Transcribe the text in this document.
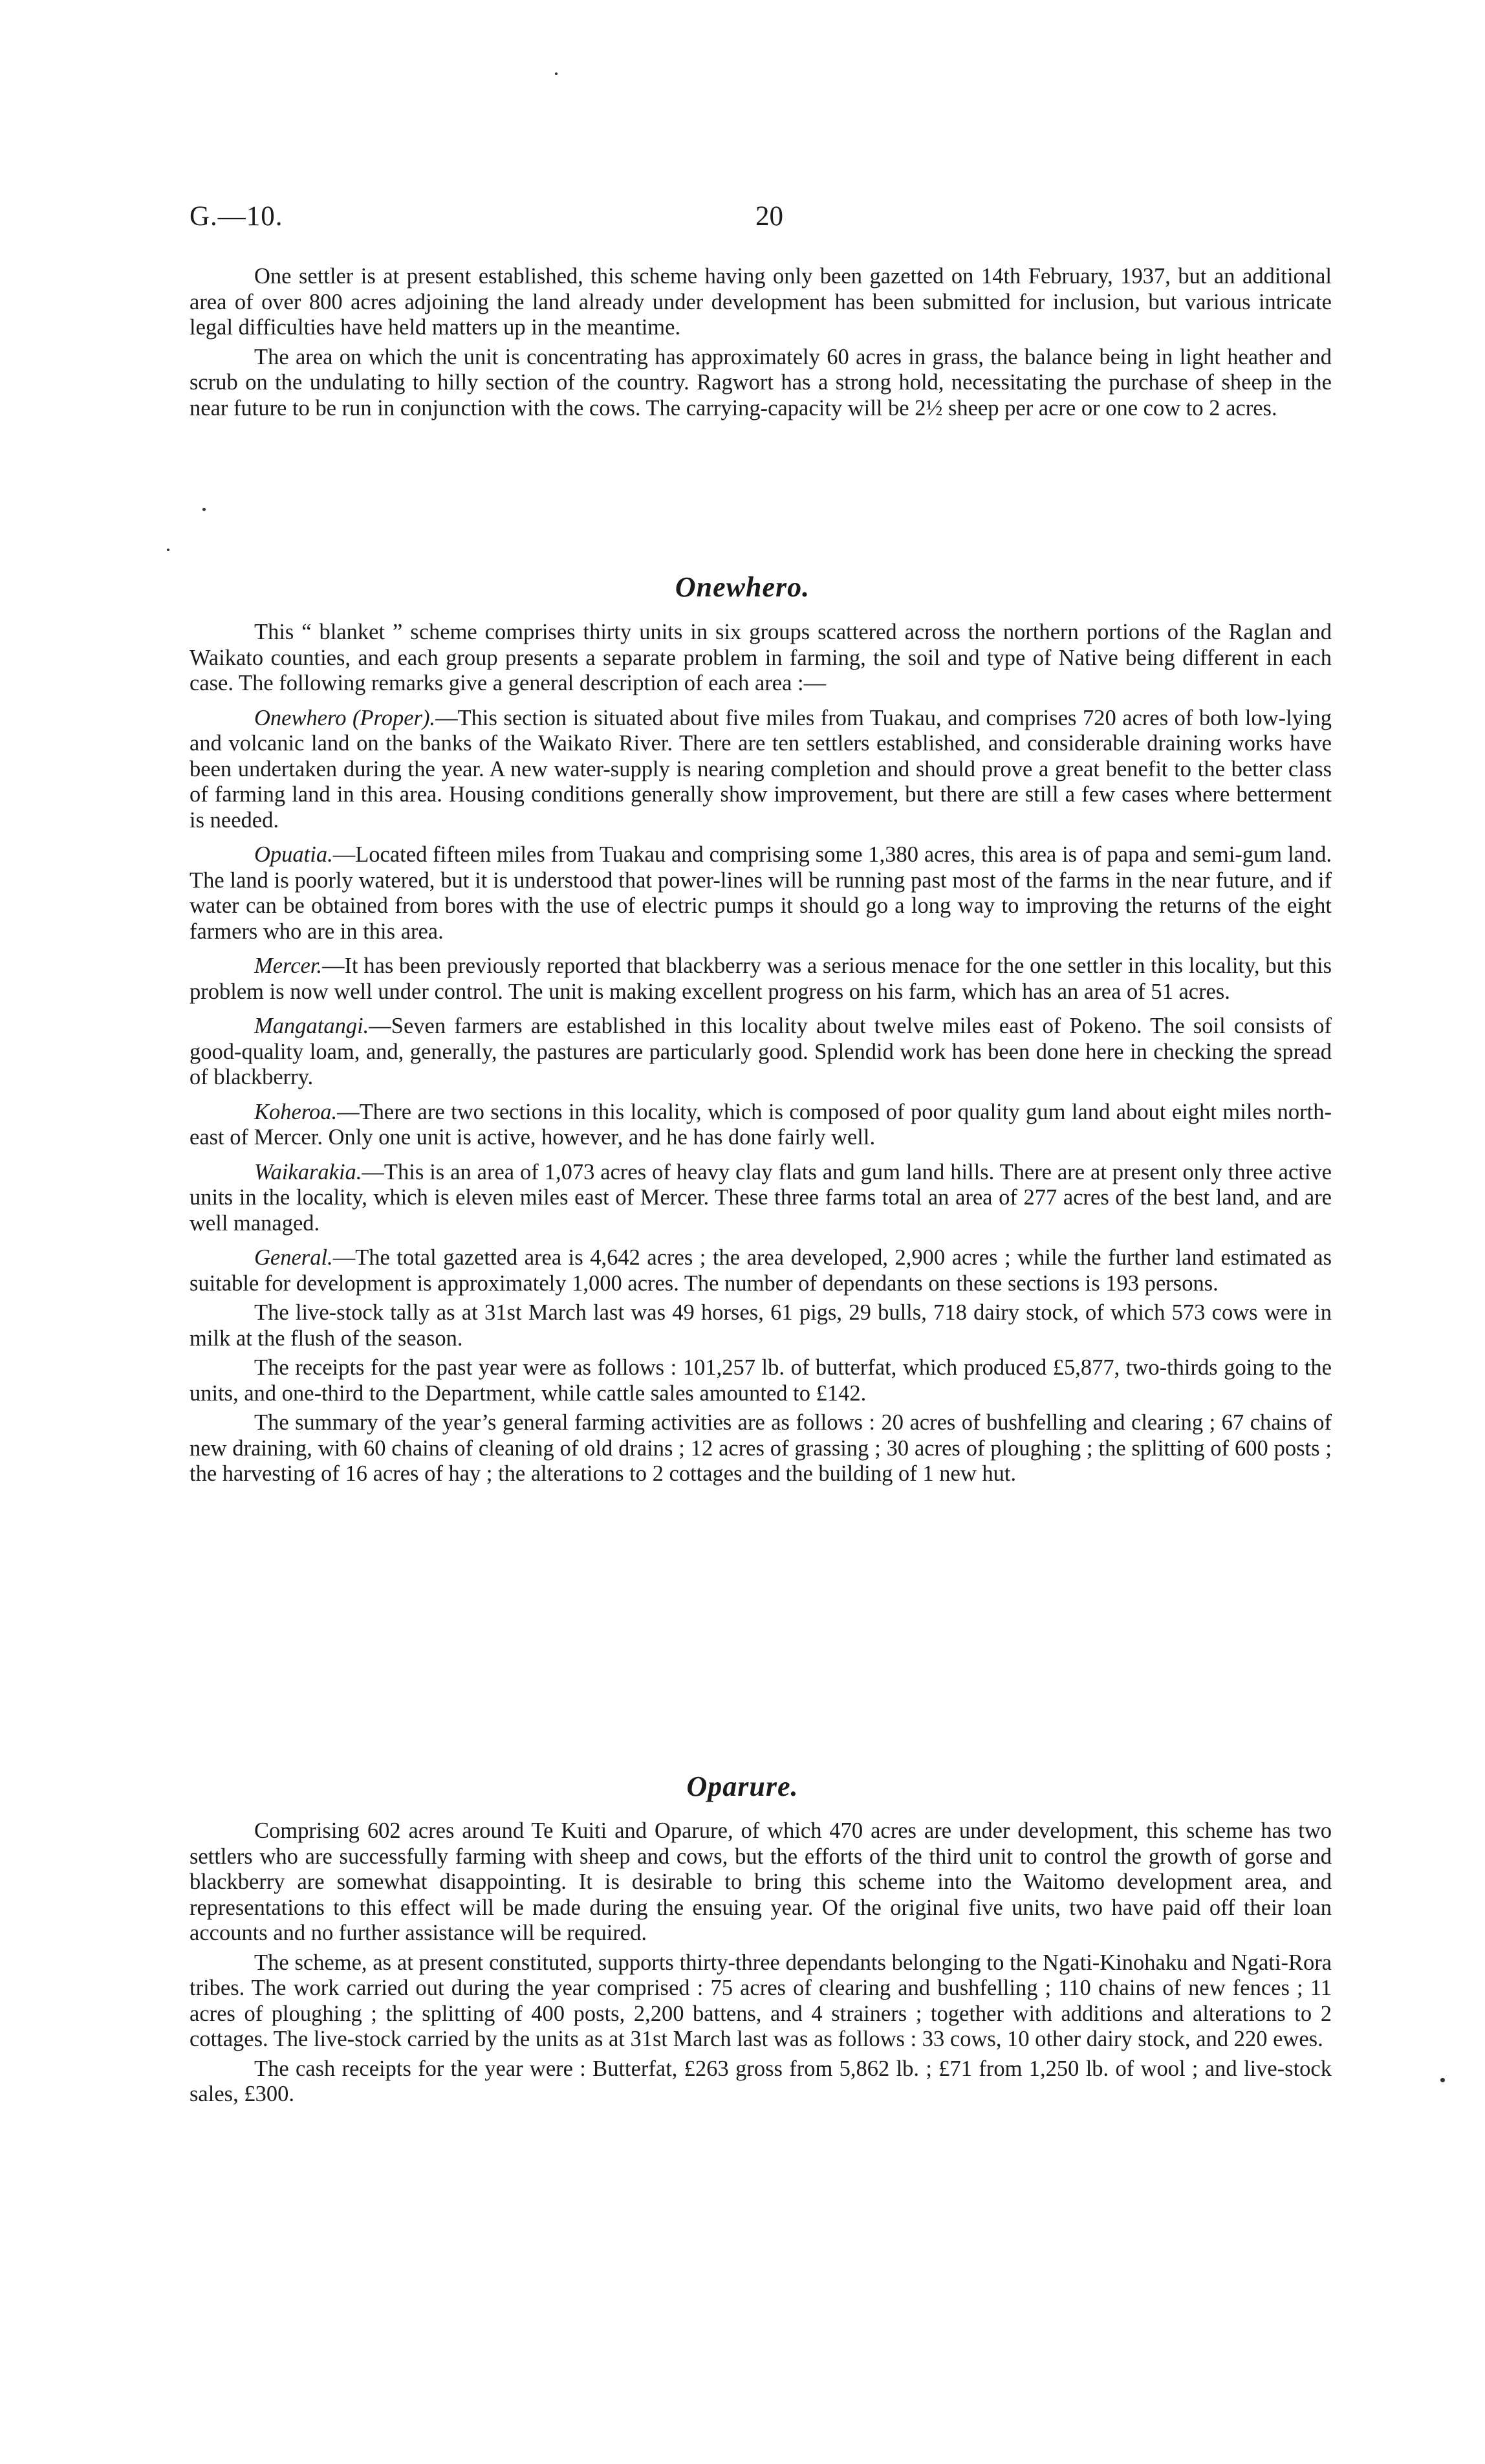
G.—10.	20

One settler is at present established, this scheme having only been gazetted on 14th February, 1937, but an additional area of over 800 acres adjoining the land already under development has been submitted for inclusion, but various intricate legal difficulties have held matters up in the meantime.

The area on which the unit is concentrating has approximately 60 acres in grass, the balance being in light heather and scrub on the undulating to hilly section of the country. Ragwort has a strong hold, necessitating the purchase of sheep in the near future to be run in conjunction with the cows. The carrying-capacity will be 2½ sheep per acre or one cow to 2 acres.

Onewhero.

This “ blanket ” scheme comprises thirty units in six groups scattered across the northern portions of the Raglan and Waikato counties, and each group presents a separate problem in farming, the soil and type of Native being different in each case. The following remarks give a general description of each area :—

Onewhero (Proper).—This section is situated about five miles from Tuakau, and comprises 720 acres of both low-lying and volcanic land on the banks of the Waikato River. There are ten settlers established, and considerable draining works have been undertaken during the year. A new water-supply is nearing completion and should prove a great benefit to the better class of farming land in this area. Housing conditions generally show improvement, but there are still a few cases where betterment is needed.

Opuatia.—Located fifteen miles from Tuakau and comprising some 1,380 acres, this area is of papa and semi-gum land. The land is poorly watered, but it is understood that power-lines will be running past most of the farms in the near future, and if water can be obtained from bores with the use of electric pumps it should go a long way to improving the returns of the eight farmers who are in this area.

Mercer.—It has been previously reported that blackberry was a serious menace for the one settler in this locality, but this problem is now well under control. The unit is making excellent progress on his farm, which has an area of 51 acres.

Mangatangi.—Seven farmers are established in this locality about twelve miles east of Pokeno. The soil consists of good-quality loam, and, generally, the pastures are particularly good. Splendid work has been done here in checking the spread of blackberry.

Koheroa.—There are two sections in this locality, which is composed of poor quality gum land about eight miles north-east of Mercer. Only one unit is active, however, and he has done fairly well.

Waikarakia.—This is an area of 1,073 acres of heavy clay flats and gum land hills. There are at present only three active units in the locality, which is eleven miles east of Mercer. These three farms total an area of 277 acres of the best land, and are well managed.

General.—The total gazetted area is 4,642 acres ; the area developed, 2,900 acres ; while the further land estimated as suitable for development is approximately 1,000 acres. The number of dependants on these sections is 193 persons.

The live-stock tally as at 31st March last was 49 horses, 61 pigs, 29 bulls, 718 dairy stock, of which 573 cows were in milk at the flush of the season.

The receipts for the past year were as follows : 101,257 lb. of butterfat, which produced £5,877, two-thirds going to the units, and one-third to the Department, while cattle sales amounted to £142.

The summary of the year’s general farming activities are as follows : 20 acres of bushfelling and clearing ; 67 chains of new draining, with 60 chains of cleaning of old drains ; 12 acres of grassing ; 30 acres of ploughing ; the splitting of 600 posts ; the harvesting of 16 acres of hay ; the alterations to 2 cottages and the building of 1 new hut.

Oparure.

Comprising 602 acres around Te Kuiti and Oparure, of which 470 acres are under development, this scheme has two settlers who are successfully farming with sheep and cows, but the efforts of the third unit to control the growth of gorse and blackberry are somewhat disappointing. It is desirable to bring this scheme into the Waitomo development area, and representations to this effect will be made during the ensuing year. Of the original five units, two have paid off their loan accounts and no further assistance will be required.

The scheme, as at present constituted, supports thirty-three dependants belonging to the Ngati-Kinohaku and Ngati-Rora tribes. The work carried out during the year comprised : 75 acres of clearing and bushfelling ; 110 chains of new fences ; 11 acres of ploughing ; the splitting of 400 posts, 2,200 battens, and 4 strainers ; together with additions and alterations to 2 cottages. The live-stock carried by the units as at 31st March last was as follows : 33 cows, 10 other dairy stock, and 220 ewes.

The cash receipts for the year were : Butterfat, £263 gross from 5,862 lb. ; £71 from 1,250 lb. of wool ; and live-stock sales, £300.
